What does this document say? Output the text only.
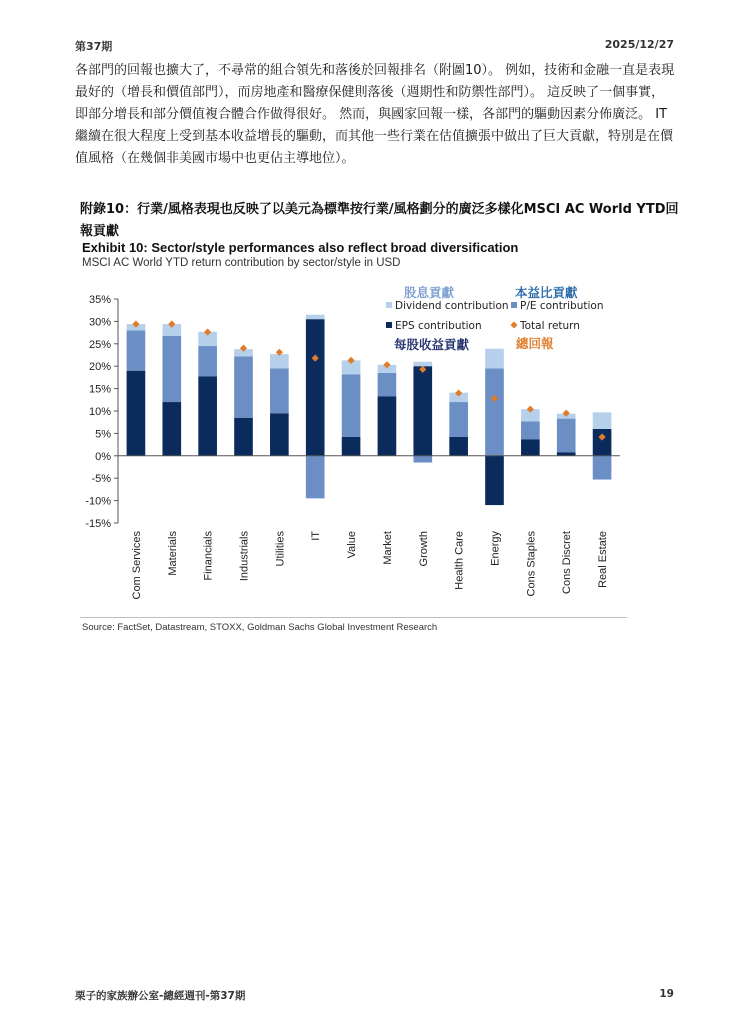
第37期	2025/12/27

各部門的回報也擴大了，不尋常的組合領先和落後於回報排名（附圖10）。 例如，技術和金融一直是表現最好的（增長和價值部門），而房地產和醫療保健則落後（週期性和防禦性部門）。 這反映了一個事實，即部分增長和部分價值複合體合作做得很好。 然而，與國家回報一樣，各部門的驅動因素分佈廣泛。 IT繼續在很大程度上受到基本收益增長的驅動，而其他一些行業在估值擴張中做出了巨大貢獻，特別是在價值風格（在幾個非美國市場中也更佔主導地位）。

附錄10：行業/風格表現也反映了以美元為標準按行業/風格劃分的廣泛多樣化MSCI AC World YTD回報貢獻
Exhibit 10: Sector/style performances also reflect broad diversification
MSCI AC World YTD return contribution by sector/style in USD
-15%
-10%
-5%
0%
5%
10%
15%
20%
25%
30%
35%
Com Services Materials Financials Industrials Utilities IT Value Market Growth Health Care Energy Cons Staples Cons Discret Real Estate
股息貢獻	本益比貢獻
Dividend contribution P/E contribution
EPS contribution	Total return
每股收益貢獻	總回報
Source: FactSet, Datastream, STOXX, Goldman Sachs Global Investment Research
栗子的家族辦公室-總經週刊-第37期	19
